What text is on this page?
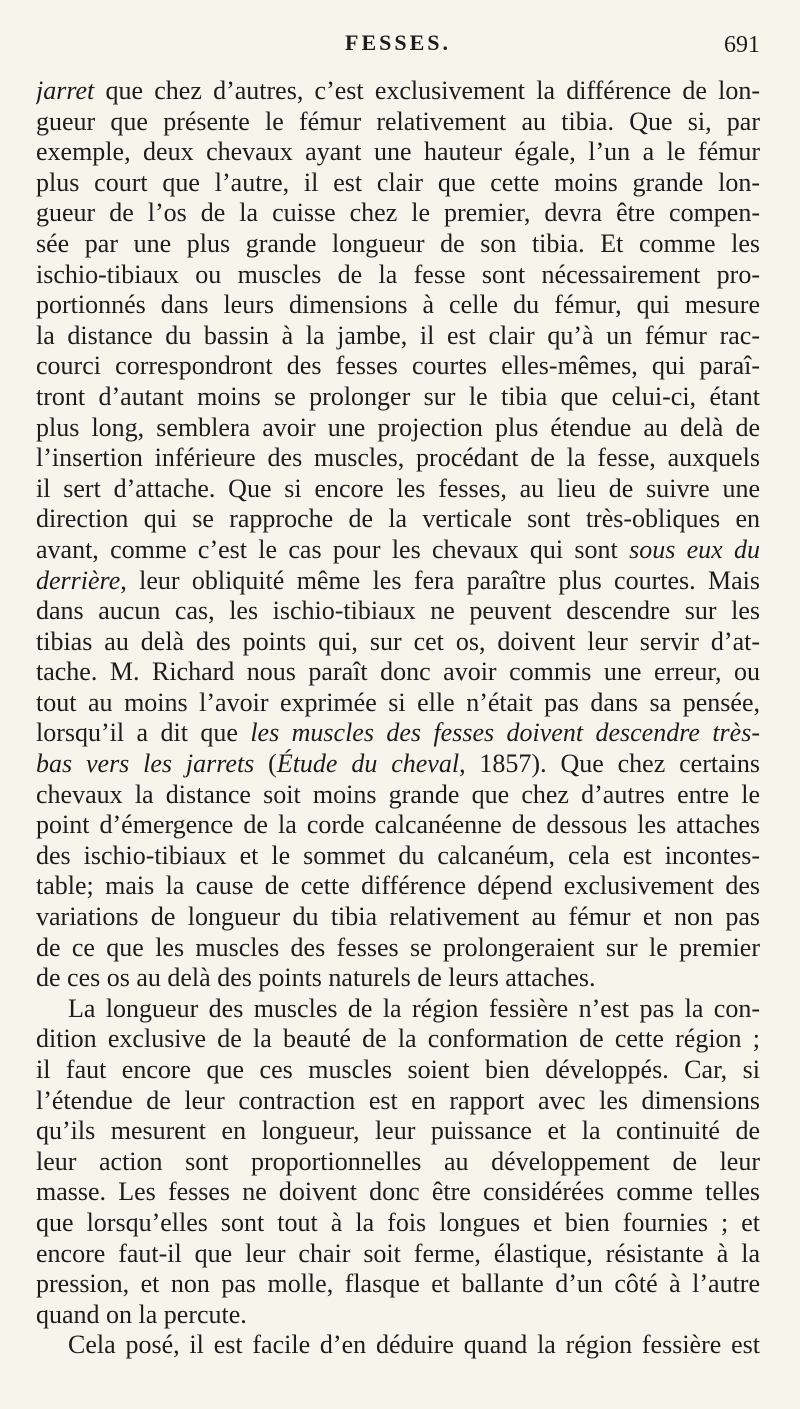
FESSES.	691
jarret que chez d’autres, c’est exclusivement la différence de lon-
gueur que présente le fémur relativement au tibia. Que si, par
exemple, deux chevaux ayant une hauteur égale, l’un a le fémur
plus court que l’autre, il est clair que cette moins grande lon-
gueur de l’os de la cuisse chez le premier, devra être compen-
sée par une plus grande longueur de son tibia. Et comme les
ischio-tibiaux ou muscles de la fesse sont nécessairement pro-
portionnés dans leurs dimensions à celle du fémur, qui mesure
la distance du bassin à la jambe, il est clair qu’à un fémur rac-
courci correspondront des fesses courtes elles-mêmes, qui paraî-
tront d’autant moins se prolonger sur le tibia que celui-ci, étant
plus long, semblera avoir une projection plus étendue au delà de
l’insertion inférieure des muscles, procédant de la fesse, auxquels
il sert d’attache. Que si encore les fesses, au lieu de suivre une
direction qui se rapproche de la verticale sont très-obliques en
avant, comme c’est le cas pour les chevaux qui sont sous eux du
derrière, leur obliquité même les fera paraître plus courtes. Mais
dans aucun cas, les ischio-tibiaux ne peuvent descendre sur les
tibias au delà des points qui, sur cet os, doivent leur servir d’at-
tache. M. Richard nous paraît donc avoir commis une erreur, ou
tout au moins l’avoir exprimée si elle n’était pas dans sa pensée,
lorsqu’il a dit que les muscles des fesses doivent descendre très-
bas vers les jarrets (Étude du cheval, 1857). Que chez certains
chevaux la distance soit moins grande que chez d’autres entre le
point d’émergence de la corde calcanéenne de dessous les attaches
des ischio-tibiaux et le sommet du calcanéum, cela est incontes-
table; mais la cause de cette différence dépend exclusivement des
variations de longueur du tibia relativement au fémur et non pas
de ce que les muscles des fesses se prolongeraient sur le premier
de ces os au delà des points naturels de leurs attaches.
La longueur des muscles de la région fessière n’est pas la con-
dition exclusive de la beauté de la conformation de cette région ;
il faut encore que ces muscles soient bien développés. Car, si
l’étendue de leur contraction est en rapport avec les dimensions
qu’ils mesurent en longueur, leur puissance et la continuité de
leur action sont proportionnelles au développement de leur
masse. Les fesses ne doivent donc être considérées comme telles
que lorsqu’elles sont tout à la fois longues et bien fournies ; et
encore faut-il que leur chair soit ferme, élastique, résistante à la
pression, et non pas molle, flasque et ballante d’un côté à l’autre
quand on la percute.
Cela posé, il est facile d’en déduire quand la région fessière est
